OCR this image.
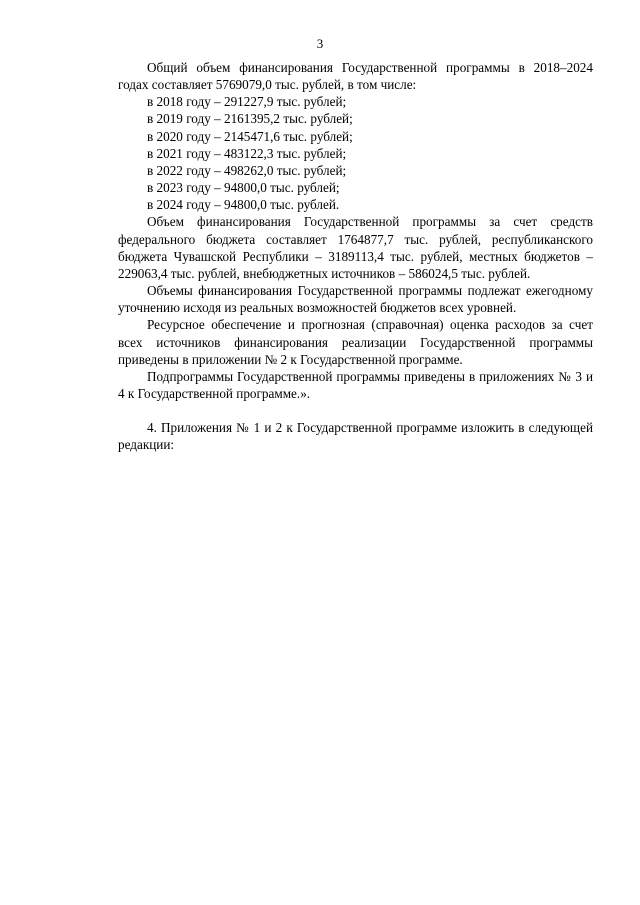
3

Общий объем финансирования Государственной программы в 2018–2024 годах составляет 5769079,0 тыс. рублей, в том числе:

в 2018 году – 291227,9 тыс. рублей;

в 2019 году – 2161395,2 тыс. рублей;

в 2020 году – 2145471,6 тыс. рублей;

в 2021 году – 483122,3 тыс. рублей;

в 2022 году – 498262,0 тыс. рублей;

в 2023 году – 94800,0 тыс. рублей;

в 2024 году – 94800,0 тыс. рублей.

Объем финансирования Государственной программы за счет средств федерального бюджета составляет 1764877,7 тыс. рублей, республиканского бюджета Чувашской Республики – 3189113,4 тыс. рублей, местных бюджетов – 229063,4 тыс. рублей, внебюджетных источников – 586024,5 тыс. рублей.

Объемы финансирования Государственной программы подлежат ежегодному уточнению исходя из реальных возможностей бюджетов всех уровней.

Ресурсное обеспечение и прогнозная (справочная) оценка расходов за счет всех источников финансирования реализации Государственной программы приведены в приложении № 2 к Государственной программе.

Подпрограммы Государственной программы приведены в приложениях № 3 и 4 к Государственной программе.».

4. Приложения № 1 и 2 к Государственной программе изложить в следующей редакции:
